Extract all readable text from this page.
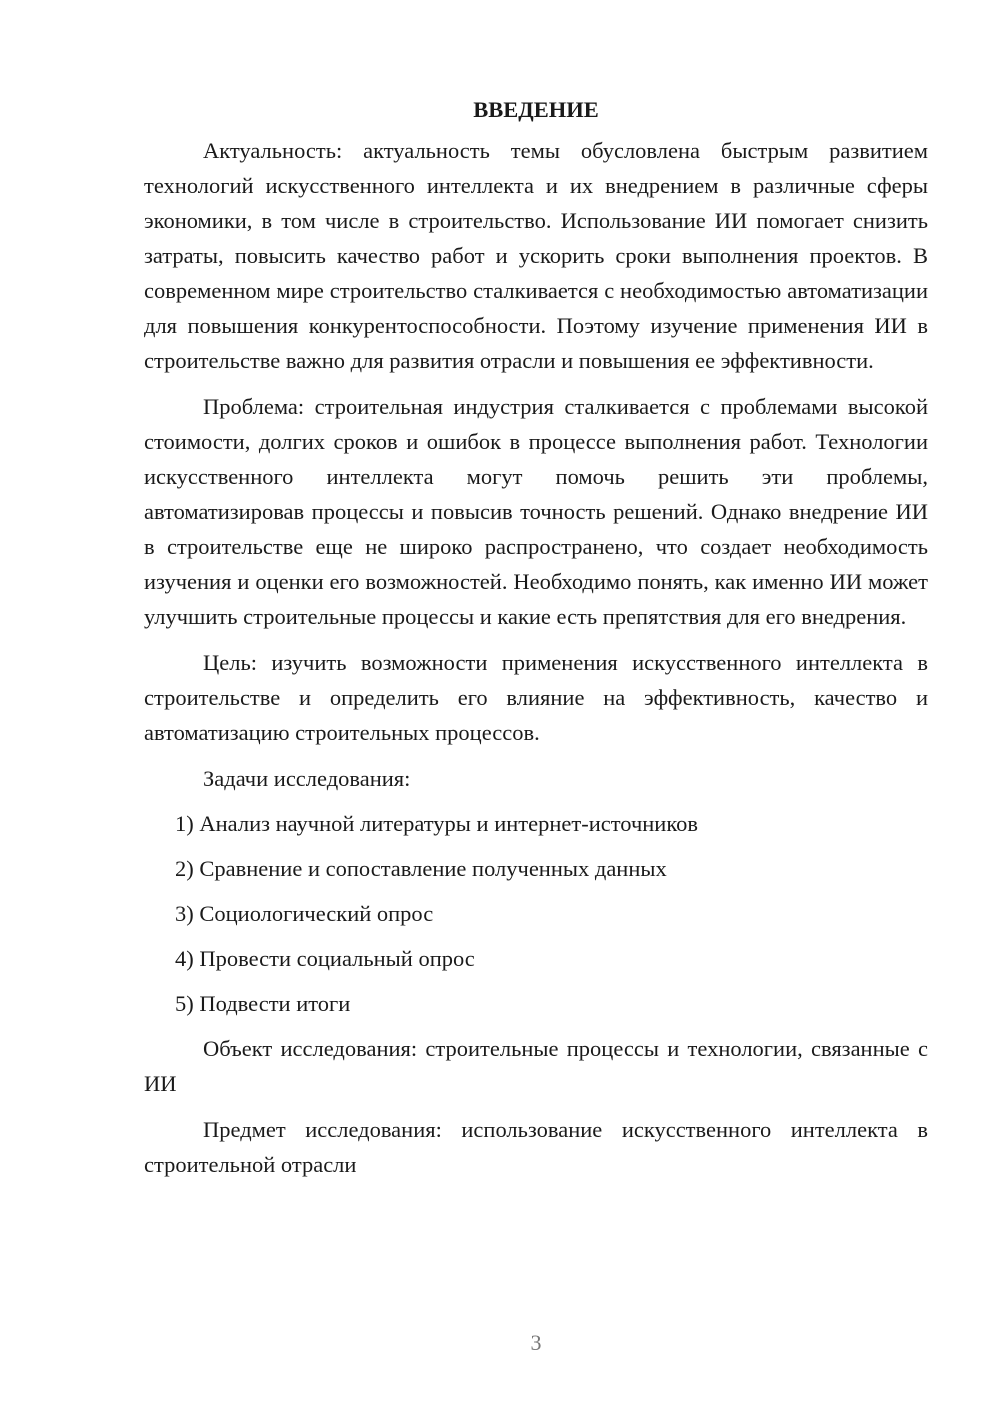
ВВЕДЕНИЕ

Актуальность: актуальность темы обусловлена быстрым развитием технологий искусственного интеллекта и их внедрением в различные сферы экономики, в том числе в строительство. Использование ИИ помогает снизить затраты, повысить качество работ и ускорить сроки выполнения проектов. В современном мире строительство сталкивается с необходимостью автоматизации для повышения конкурентоспособности. Поэтому изучение применения ИИ в строительстве важно для развития отрасли и повышения ее эффективности.

Проблема: строительная индустрия сталкивается с проблемами высокой стоимости, долгих сроков и ошибок в процессе выполнения работ. Технологии искусственного интеллекта могут помочь решить эти проблемы, автоматизировав процессы и повысив точность решений. Однако внедрение ИИ в строительстве еще не широко распространено, что создает необходимость изучения и оценки его возможностей. Необходимо понять, как именно ИИ может улучшить строительные процессы и какие есть препятствия для его внедрения.

Цель: изучить возможности применения искусственного интеллекта в строительстве и определить его влияние на эффективность, качество и автоматизацию строительных процессов.

Задачи исследования:

1) Анализ научной литературы и интернет-источников

2) Сравнение и сопоставление полученных данных

3) Социологический опрос

4) Провести социальный опрос

5) Подвести итоги

Объект исследования: строительные процессы и технологии, связанные с ИИ

Предмет исследования: использование искусственного интеллекта в строительной отрасли

3
